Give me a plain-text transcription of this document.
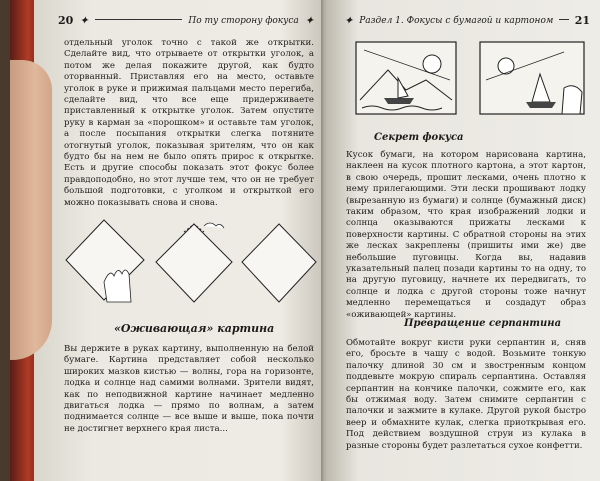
20 ✦	По ту сторону фокуса ✦

отдельный уголок точно с такой же открытки. Сделайте вид, что отрываете от открытки уголок, а потом же делая покажите другой, как будто оторванный. Приставляя его на место, оставьте уголок в руке и прижимая пальцами место перегиба, сделайте вид, что все еще придерживаете приставленный к открытке уголок. Затем опустите руку в карман за «порошком» и оставьте там уголок, а после посыпания открытки слегка потяните отогнутый уголок, показывая зрителям, что он как будто бы на нем не было опять прирос к открытке. Есть и другие способы показать этот фокус более правдоподобно, но этот лучше тем, что он не требует большой подготовки, с уголком и открыткой его можно показывать снова и снова.

«Оживающая» картина

Вы держите в руках картину, выполненную на белой бумаге. Картина представляет собой несколько широких мазков кистью — волны, гора на горизонте, лодка и солнце над самими волнами. Зрители видят, как по неподвижной картине начинает медленно двигаться лодка — прямо по волнам, а затем поднимается солнце — все выше и выше, пока почти не достигнет верхнего края листа...

✦ Раздел 1. Фокусы с бумагой и картоном 21

Секрет фокуса

Кусок бумаги, на котором нарисована картина, наклеен на кусок плотного картона, а этот картон, в свою очередь, прошит лесками, очень плотно к нему прилегающими. Эти лески прошивают лодку (вырезанную из бумаги) и солнце (бумажный диск) таким образом, что края изображений лодки и солнца оказываются прижаты лесками к поверхности картины. С обратной стороны на этих же лесках закреплены (пришиты ими же) две небольшие пуговицы. Когда вы, надавив указательный палец позади картины то на одну, то на другую пуговицу, начнете их передвигать, то солнце и лодка с другой стороны тоже начнут медленно перемещаться и создадут образ «оживающей» картины.

Превращение серпантина

Обмотайте вокруг кисти руки серпантин и, сняв его, бросьте в чашу с водой. Возьмите тонкую палочку длиной 30 см и звостренным концом поддевыте мокрую спираль серпантина. Оставляя серпантин на кончике палочки, сожмите его, как бы отжимая воду. Затем снимите серпантин с палочки и зажмите в кулаке. Другой рукой быстро веер и обмахните кулак, слегка приоткрывая его. Под действием воздушной струи из кулака в разные стороны будет разлетаться сухое конфетти.
